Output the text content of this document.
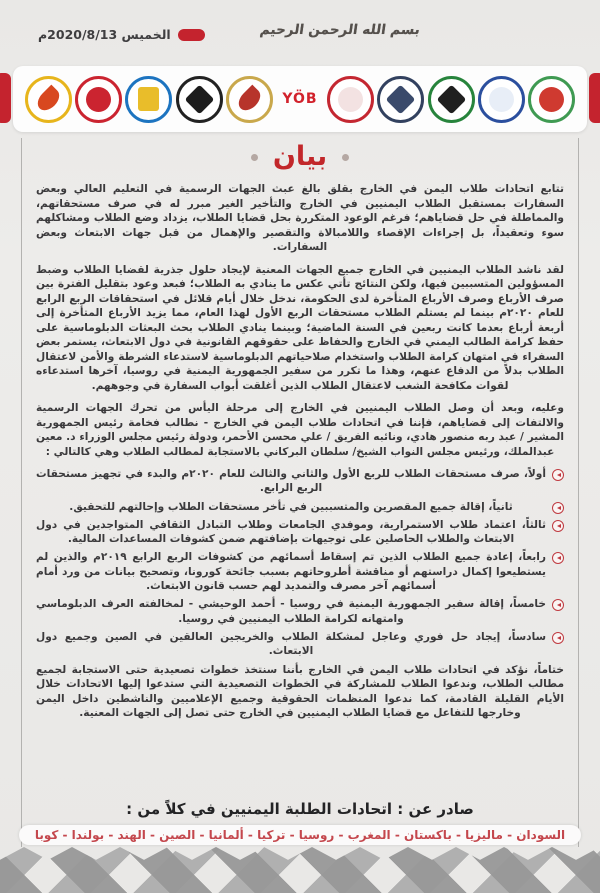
الخميس 2020/8/13م	بسم الله الرحمن الرحيم
YÖB
بيان

تتابع اتحادات طلاب اليمن في الخارج بقلق بالغ عبث الجهات الرسمية في التعليم العالي وبعض السفارات بمستقبل الطلاب اليمنيين في الخارج والتأخير الغير مبرر له في صرف مستحقاتهم، والمماطلة في حل قضاياهم؛ فرغم الوعود المتكررة بحل قضايا الطلاب، يزداد وضع الطلاب ومشاكلهم سوء وتعقيداً، بل إجراءات الإقصاء واللامبالاة والتقصير والإهمال من قبل جهات الابتعاث وبعض السفارات.

لقد ناشد الطلاب اليمنيين في الخارج جميع الجهات المعنية لإيجاد حلول جذرية لقضايا الطلاب وضبط المسؤولين المتسببين فيها، ولكن النتائج تأتي عكس ما ينادي به الطلاب؛ فبعد وعود بتقليل الفترة بين صرف الأرباع وصرف الأرباع المتأخرة لدى الحكومة، ندخل خلال أيام قلائل في استحقاقات الربع الرابع للعام ٢٠٢٠م بينما لم يستلم الطلاب مستحقات الربع الأول لهذا العام، مما يزيد الأرباع المتأخرة إلى أربعة أرباع بعدما كانت ربعين في السنة الماضية؛ وبينما ينادي الطلاب بحث البعثات الدبلوماسية على حفظ كرامة الطالب اليمني في الخارج والحفاظ على حقوقهم القانونية في دول الابتعاث، يستمر بعض السفراء في امتهان كرامة الطلاب واستخدام صلاحياتهم الدبلوماسية لاستدعاء الشرطة والأمن لاعتقال الطلاب بدلاً من الدفاع عنهم، وهذا ما تكرر من سفير الجمهورية اليمنية في روسيا، آخرها استدعاءه لقوات مكافحة الشغب لاعتقال الطلاب الذين أغلقت أبواب السفارة في وجوههم.

وعليه، وبعد أن وصل الطلاب اليمنيين في الخارج إلى مرحلة اليأس من تحرك الجهات الرسمية والالتفات إلى قضاياهم، فإننا في اتحادات طلاب اليمن في الخارج - نطالب فخامة رئيس الجمهورية المشير / عبد ربه منصور هادي، ونائبه الفريق / علي محسن الأحمر، ودولة رئيس مجلس الوزراء د. معين عبدالملك، ورئيس مجلس النواب الشيخ/ سلطان البركاني بالاستجابة لمطالب الطلاب وهي كالتالي :

أولاً، صرف مستحقات الطلاب للربع الأول والثاني والثالث للعام ٢٠٢٠م والبدء في تجهيز مستحقات الربع الرابع.
ثانياً، إقالة جميع المقصرين والمتسببين في تأخر مستحقات الطلاب وإحالتهم للتحقيق.
ثالثاً، اعتماد طلاب الاستمرارية، وموفدي الجامعات وطلاب التبادل الثقافي المتواجدين في دول الابتعاث والطلاب الحاصلين على توجيهات بإضافتهم ضمن كشوفات المساعدات المالية.
رابعاً، إعادة جميع الطلاب الذين تم إسقاط أسمائهم من كشوفات الربع الرابع ٢٠١٩م والذين لم يستطيعوا إكمال دراستهم أو مناقشة أطروحاتهم بسبب جائحة كورونا، وتصحيح بيانات من ورد أمام أسمائهم آخر مصرف والتمديد لهم حسب قانون الابتعاث.
خامساً، إقالة سفير الجمهورية اليمنية في روسيا - أحمد الوحيشي - لمخالفته العرف الدبلوماسي وامتهانه لكرامة الطلاب اليمنيين في روسيا.
سادساً، إيجاد حل فوري وعاجل لمشكلة الطلاب والخريجين العالقين في الصين وجميع دول الابتعاث.

ختاماً، نؤكد في اتحادات طلاب اليمن في الخارج بأننا سنتخذ خطوات تصعيدية حتى الاستجابة لجميع مطالب الطلاب، وندعوا الطلاب للمشاركة في الخطوات التصعيدية التي ستدعوا إليها الاتحادات خلال الأيام القليلة القادمة، كما ندعوا المنظمات الحقوقية وجميع الإعلاميين والناشطين داخل اليمن وخارجها للتفاعل مع قضايا الطلاب اليمنيين في الخارج حتى تصل إلى الجهات المعنية.

صادر عن : اتحادات الطلبة اليمنيين في كلاً من :
السودان - ماليزيا - باكستان - المغرب - روسيا - تركيا - ألمانيا - الصين - الهند - بولندا - كوبا
